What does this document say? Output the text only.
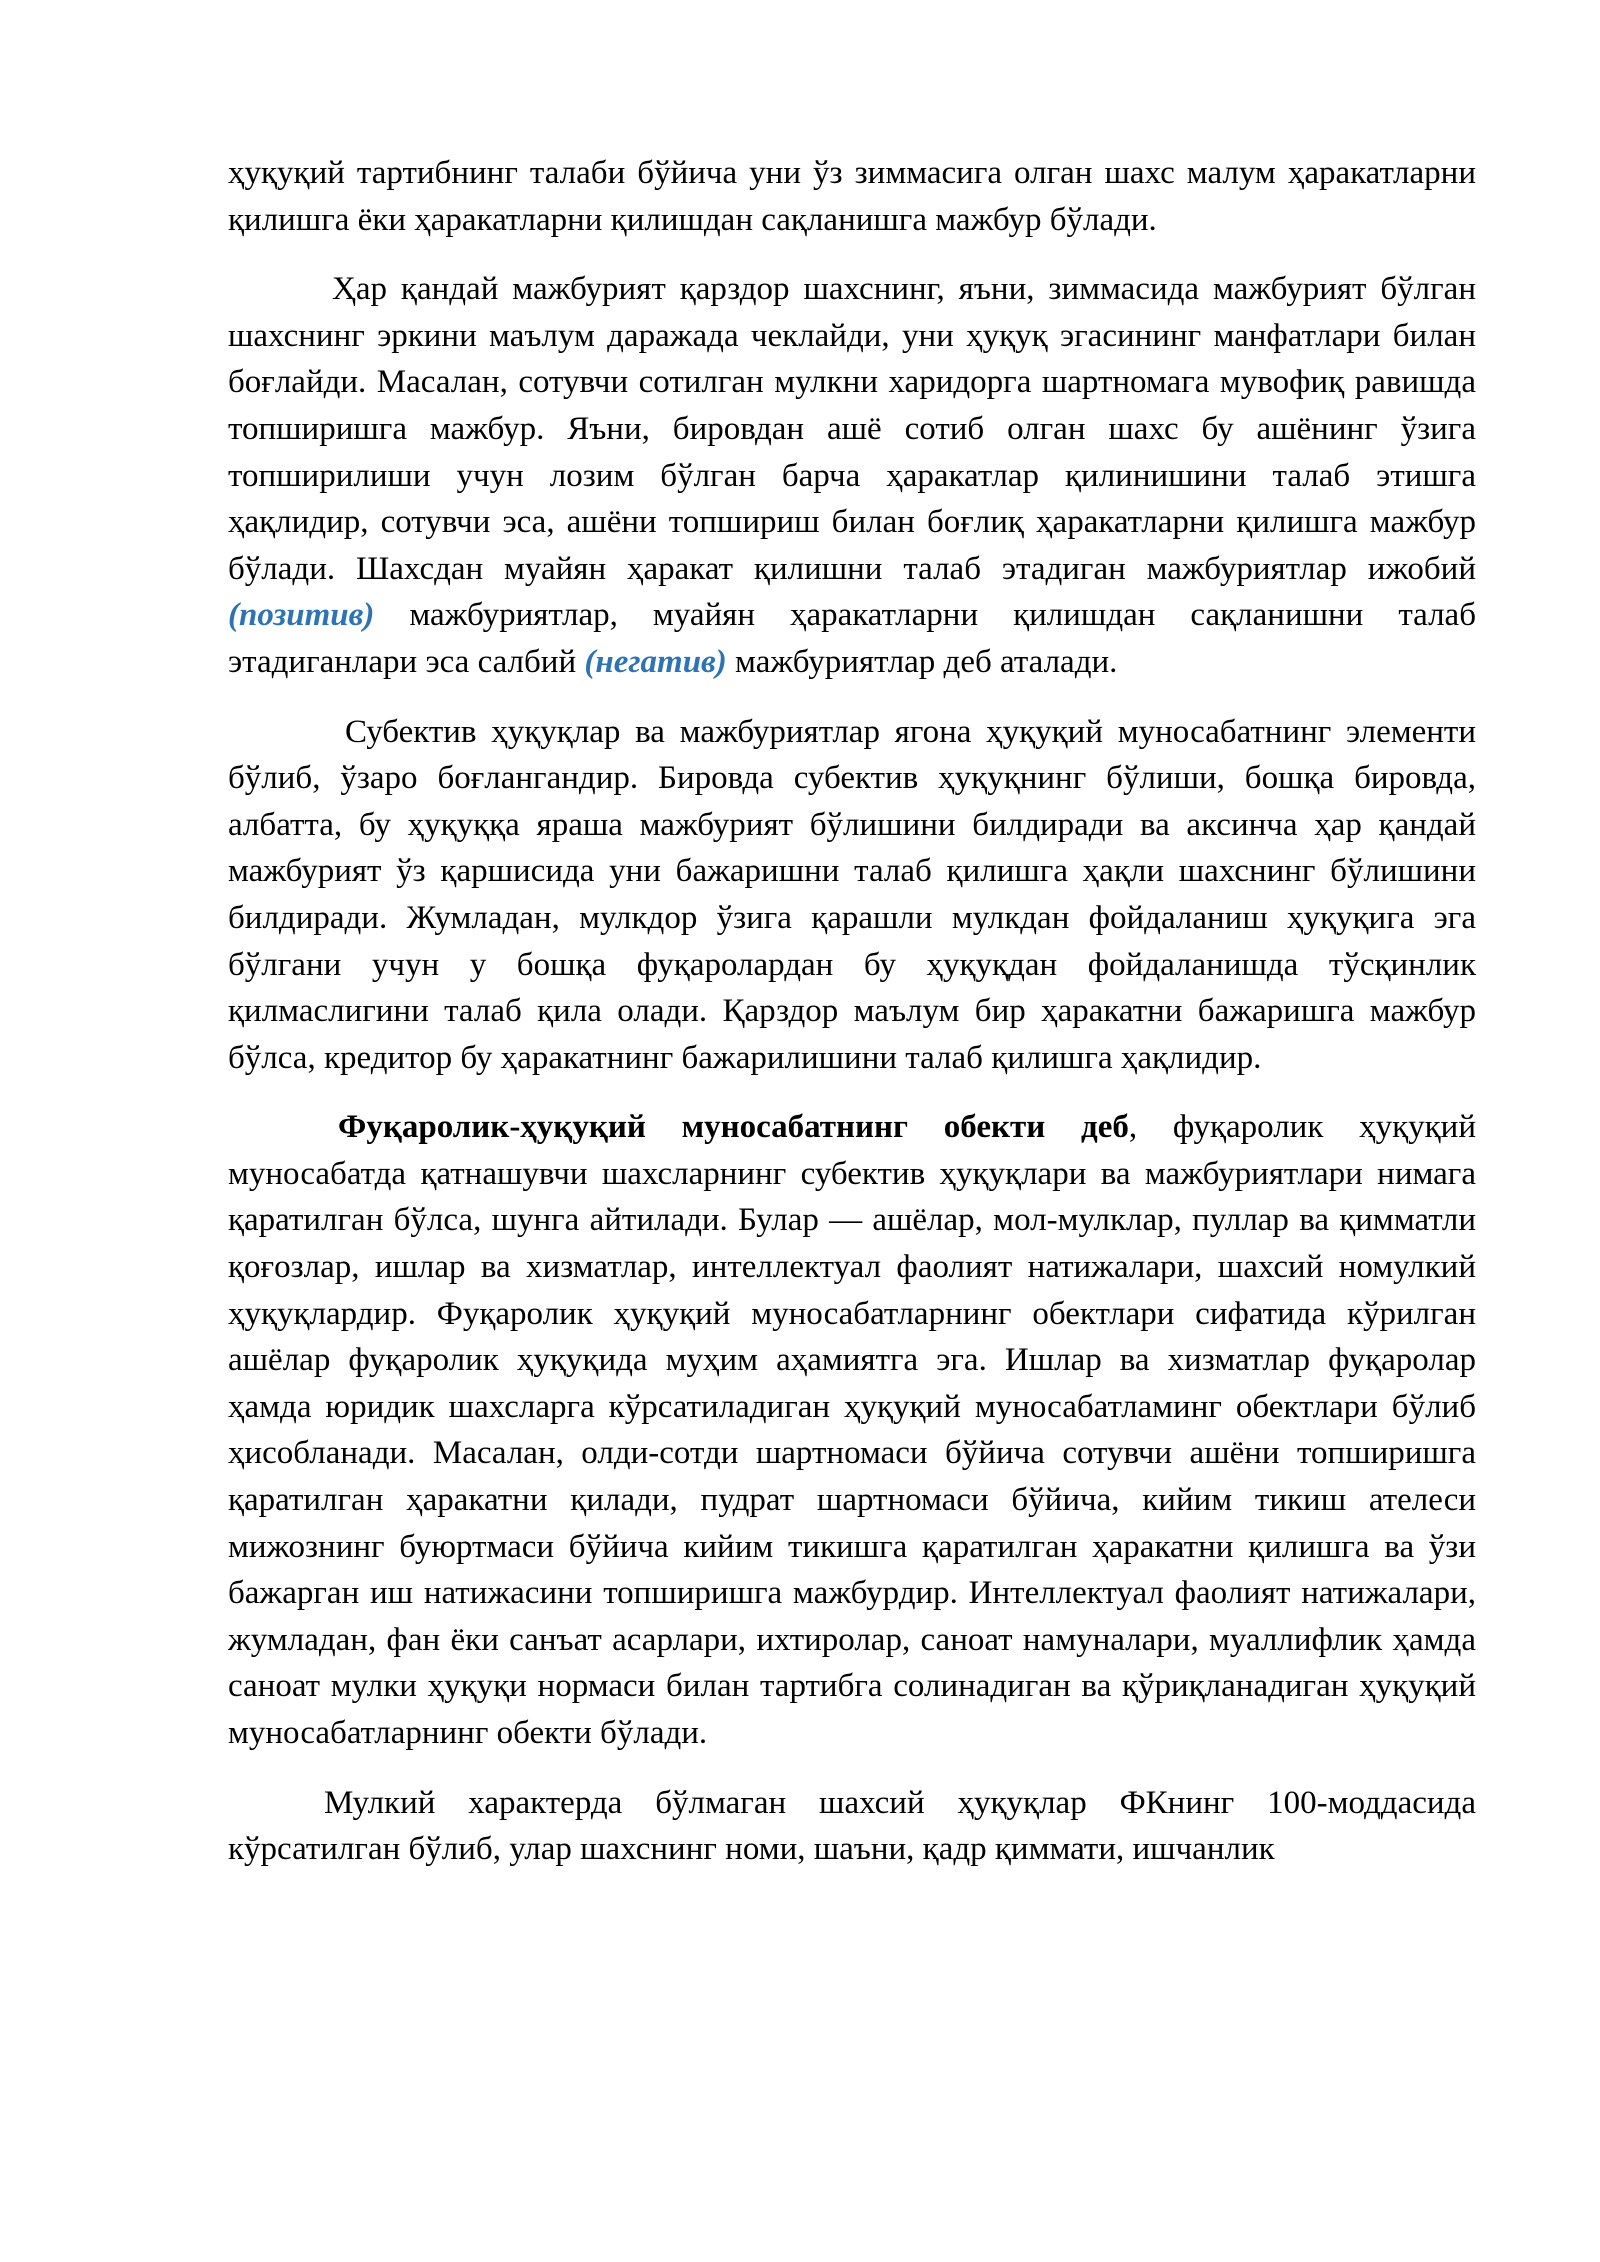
ҳуқуқий тартибнинг талаби бўйича уни ўз зиммасига олган шахс малум ҳаракатларни қилишга ёки ҳаракатларни қилишдан сақланишга мажбур бўлади.

Ҳар қандай мажбурият қарздор шахснинг, яъни, зиммасида мажбурият бўлган шахснинг эркини маълум даражада чеклайди, уни ҳуқуқ эгасининг манфатлари билан боғлайди. Масалан, сотувчи сотилган мулкни харидорга шартномага мувофиқ равишда топширишга мажбур. Яъни, бировдан ашё сотиб олган шахс бу ашёнинг ўзига топширилиши учун лозим бўлган барча ҳаракатлар қилинишини талаб этишга ҳақлидир, сотувчи эса, ашёни топшириш билан боғлиқ ҳаракатларни қилишга мажбур бўлади. Шахсдан муайян ҳаракат қилишни талаб этадиган мажбуриятлар ижобий (позитив) мажбуриятлар, муайян ҳаракатларни қилишдан сақланишни талаб этадиганлари эса салбий (негатив) мажбуриятлар деб аталади.

Субектив ҳуқуқлар ва мажбуриятлар ягона ҳуқуқий муносабатнинг элементи бўлиб, ўзаро боғлангандир. Бировда субектив ҳуқуқнинг бўлиши, бошқа бировда, албатта, бу ҳуқуққа яраша мажбурият бўлишини билдиради ва аксинча ҳар қандай мажбурият ўз қаршисида уни бажаришни талаб қилишга ҳақли шахснинг бўлишини билдиради. Жумладан, мулкдор ўзига қарашли мулкдан фойдаланиш ҳуқуқига эга бўлгани учун у бошқа фуқаролардан бу ҳуқуқдан фойдаланишда тўсқинлик қилмаслигини талаб қила олади. Қарздор маълум бир ҳаракатни бажаришга мажбур бўлса, кредитор бу ҳаракатнинг бажарилишини талаб қилишга ҳақлидир.

Фуқаролик-ҳуқуқий муносабатнинг обекти деб, фуқаролик ҳуқуқий муносабатда қатнашувчи шахсларнинг субектив ҳуқуқлари ва мажбуриятлари нимага қаратилган бўлса, шунга айтилади. Булар — ашёлар, мол-мулклар, пуллар ва қимматли қоғозлар, ишлар ва хизматлар, интеллектуал фаолият натижалари, шахсий номулкий ҳуқуқлардир. Фуқаролик ҳуқуқий муносабатларнинг обектлари сифатида кўрилган ашёлар фуқаролик ҳуқуқида муҳим аҳамиятга эга. Ишлар ва хизматлар фуқаролар ҳамда юридик шахсларга кўрсатиладиган ҳуқуқий муносабатламинг обектлари бўлиб ҳисобланади. Масалан, олди-сотди шартномаси бўйича сотувчи ашёни топширишга қаратилган ҳаракатни қилади, пудрат шартномаси бўйича, кийим тикиш ателеси мижознинг буюртмаси бўйича кийим тикишга қаратилган ҳаракатни қилишга ва ўзи бажарган иш натижасини топширишга мажбурдир. Интеллектуал фаолият натижалари, жумладан, фан ёки санъат асарлари, ихтиролар, саноат намуналари, муаллифлик ҳамда саноат мулки ҳуқуқи нормаси билан тартибга солинадиган ва қўриқланадиган ҳуқуқий муносабатларнинг обекти бўлади.

Мулкий характерда бўлмаган шахсий ҳуқуқлар ФКнинг 100-моддасида кўрсатилган бўлиб, улар шахснинг номи, шаъни, қадр қиммати, ишчанлик
